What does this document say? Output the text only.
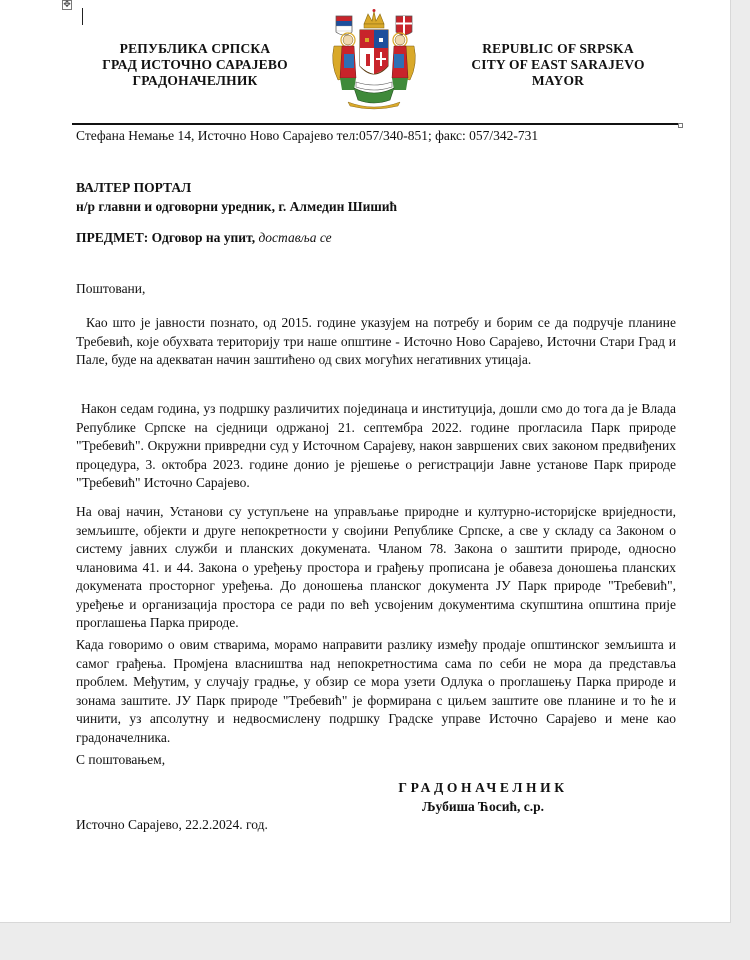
✥
РЕПУБЛИКА СРПСКА
ГРАД ИСТОЧНО САРАЈЕВО
ГРАДОНАЧЕЛНИК
REPUBLIC OF SRPSKA
CITY OF EAST SARAJEVO
MAYOR
Стефана Немање 14, Источно Ново Сарајево тел:057/340-851; факс: 057/342-731
ВАЛТЕР ПОРТАЛ
н/р главни и одговорни уредник, г. Алмедин Шишић
ПРЕДМЕТ: Одговор на упит, доставља се
Поштовани,
Као што је јавности познато, од 2015. године указујем на потребу и борим се да подручје планине Требевић, које обухвата територију три наше општине - Источно Ново Сарајево, Источни Стари Град и Пале, буде на адекватан начин заштићено од свих могућих негативних утицаја.
Након седам година, уз подршку различитих појединаца и институција, дошли смо до тога да је Влада Републике Српске на сједници одржаној 21. септембра 2022. године прогласила Парк природе "Требевић". Окружни привредни суд у Источном Сарајеву, након завршених свих законом предвиђених процедура, 3. октобра 2023. године донио је рјешење о регистрацији Јавне установе Парк природе "Требевић" Источно Сарајево.
На овај начин, Установи су уступљене на управљање природне и културно-историјске вриједности, земљиште, објекти и друге непокретности у својини Републике Српске, а све у складу са Законом о систему јавних служби и планских докумената. Чланом 78. Закона о заштити природе, односно члановима 41. и 44. Закона о уређењу простора и грађењу прописана је обавеза доношења планских докумената просторног уређења. До доношења планског документа ЈУ Парк природе "Требевић", уређење и организација простора се ради по већ усвојеним документима скупштина општина прије проглашења Парка природе.
Када говоримо о овим стварима, морамо направити разлику између продаје општинског земљишта и самог грађења. Промјена власништва над непокретностима сама по себи не мора да представља проблем. Међутим, у случају градње, у обзир се мора узети Одлука о проглашењу Парка природе и зонама заштите. ЈУ Парк природе "Требевић" је формирана с циљем заштите ове планине и то ће и чинити, уз апсолутну и недвосмислену подршку Градске управе Источно Сарајево и мене као градоначелника.
С поштовањем,
ГРАДОНАЧЕЛНИК
Љубиша Ћосић, с.р.
Источно Сарајево, 22.2.2024. год.
